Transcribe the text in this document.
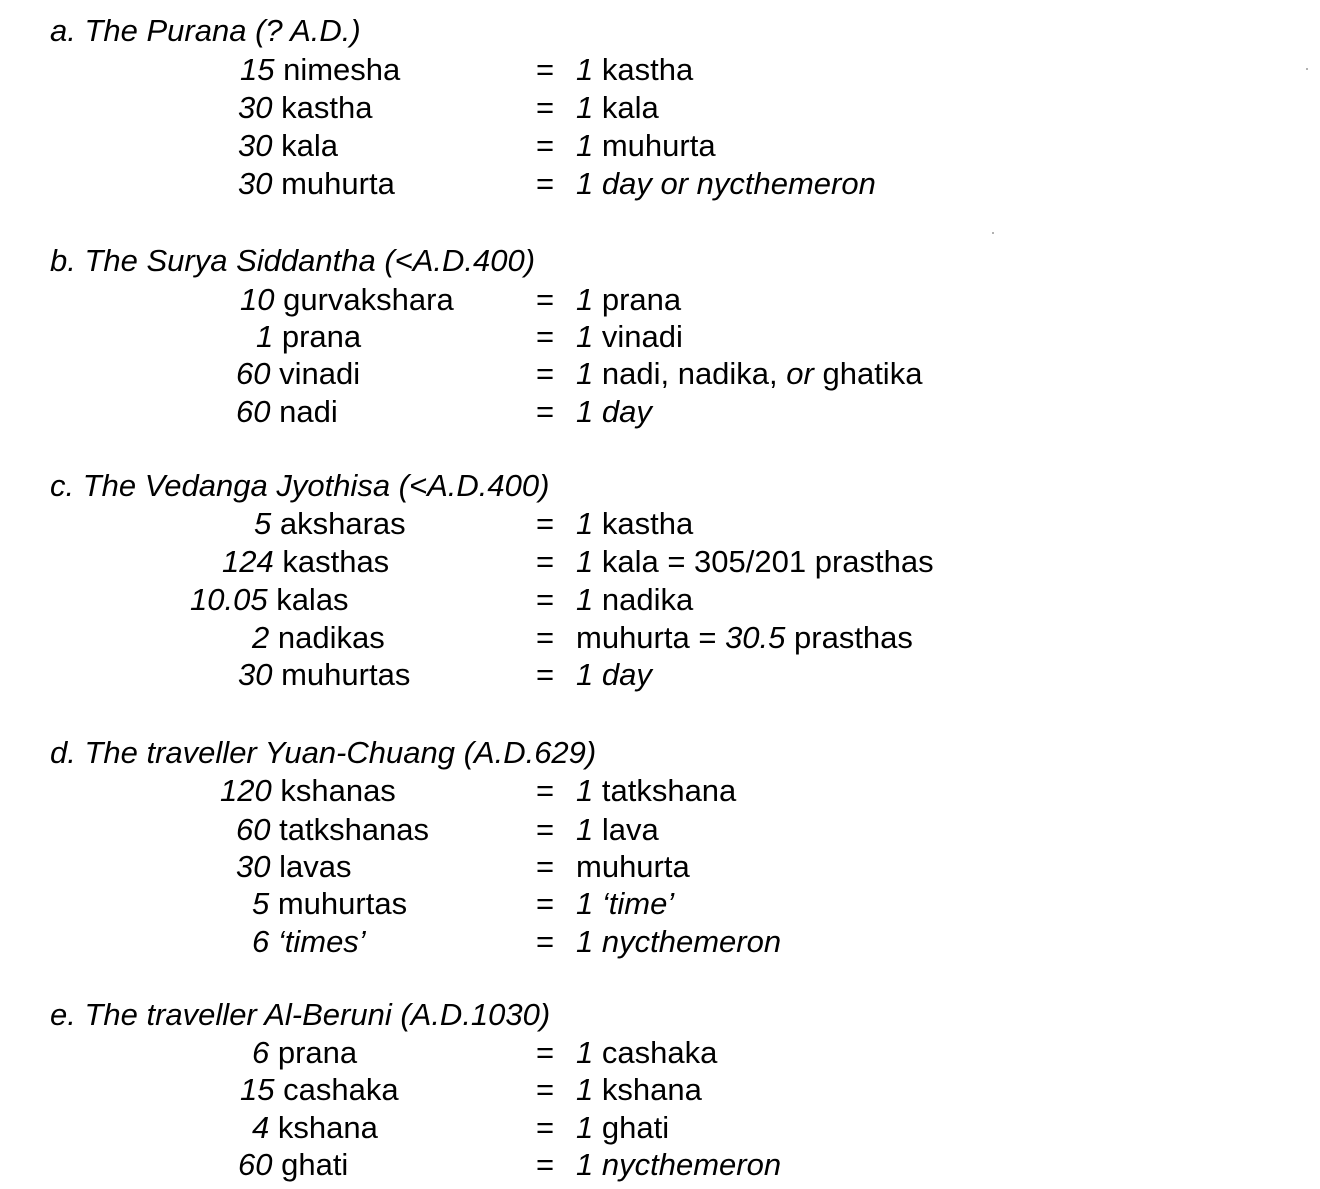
a. The Purana (? A.D.)
15 nimesha	= 1 kastha
30 kastha	= 1 kala
30 kala	= 1 muhurta
30 muhurta	= 1 day or nycthemeron
b. The Surya Siddantha (<A.D.400)
10 gurvakshara	= 1 prana
1 prana	= 1 vinadi
60 vinadi	= 1 nadi, nadika, or ghatika
60 nadi	= 1 day
c. The Vedanga Jyothisa (<A.D.400)
5 aksharas	= 1 kastha
124 kasthas	= 1 kala = 305/201 prasthas
10.05 kalas	= 1 nadika
2 nadikas	= muhurta = 30.5 prasthas
30 muhurtas	= 1 day
d. The traveller Yuan-Chuang (A.D.629)
120 kshanas	= 1 tatkshana
60 tatkshanas	= 1 lava
30 lavas	= muhurta
5 muhurtas	= 1 ‘time’
6 ‘times’	= 1 nycthemeron
e. The traveller Al-Beruni (A.D.1030)
6 prana	= 1 cashaka
15 cashaka	= 1 kshana
4 kshana	= 1 ghati
60 ghati	= 1 nycthemeron
